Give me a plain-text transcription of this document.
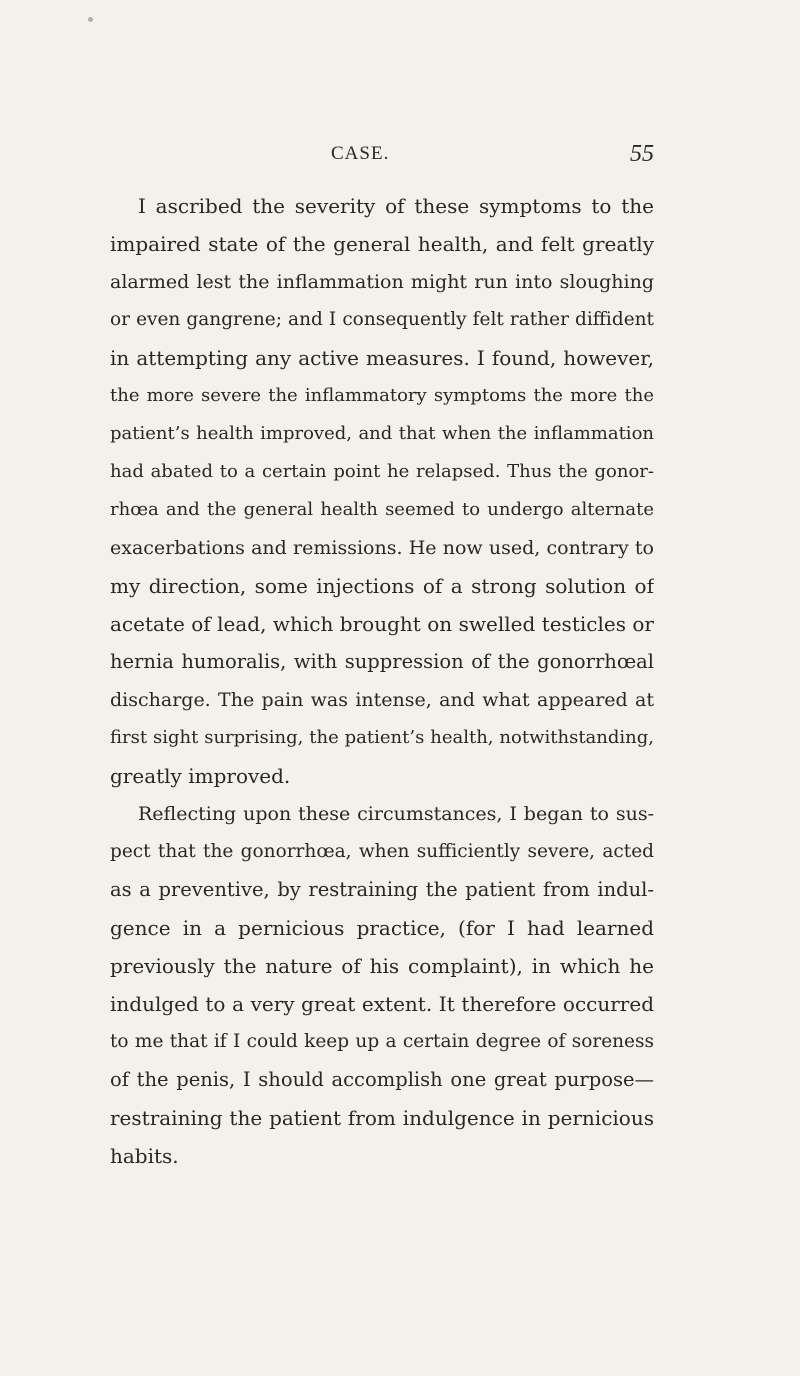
CASE.	55
I ascribed the severity of these symptoms to the
impaired state of the general health, and felt greatly
alarmed lest the inflammation might run into sloughing
or even gangrene; and I consequently felt rather diffident
in attempting any active measures. I found, however,
the more severe the inflammatory symptoms the more the
patient’s health improved, and that when the inflammation
had abated to a certain point he relapsed. Thus the gonor-
rhœa and the general health seemed to undergo alternate
exacerbations and remissions. He now used, contrary to
my direction, some injections of a strong solution of
acetate of lead, which brought on swelled testicles or
hernia humoralis, with suppression of the gonorrhœal
discharge. The pain was intense, and what appeared at
first sight surprising, the patient’s health, notwithstanding,
greatly improved.
Reflecting upon these circumstances, I began to sus-
pect that the gonorrhœa, when sufficiently severe, acted
as a preventive, by restraining the patient from indul-
gence in a pernicious practice, (for I had learned
previously the nature of his complaint), in which he
indulged to a very great extent. It therefore occurred
to me that if I could keep up a certain degree of soreness
of the penis, I should accomplish one great purpose—
restraining the patient from indulgence in pernicious
habits.
